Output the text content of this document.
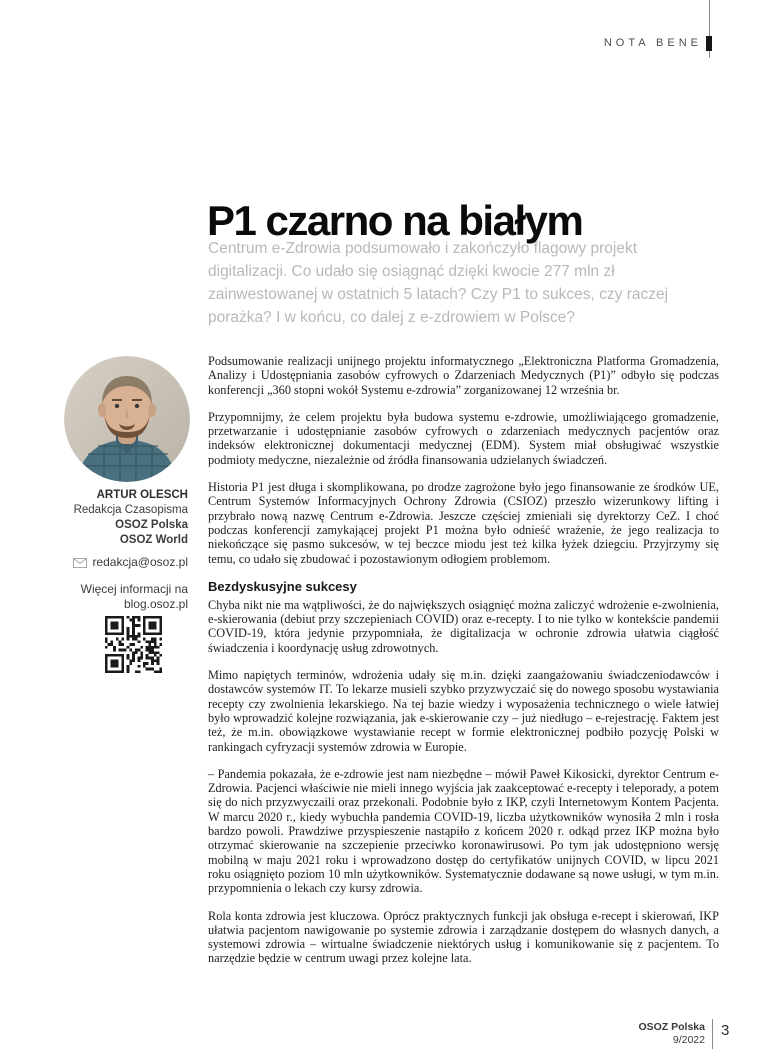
NOTA BENE
P1 czarno na białym
Centrum e-Zdrowia podsumowało i zakończyło flagowy projekt digitalizacji. Co udało się osiągnąć dzięki kwocie 277 mln zł zainwestowanej w ostatnich 5 latach? Czy P1 to sukces, czy raczej porażka? I w końcu, co dalej z e-zdrowiem w Polsce?
ARTUR OLESCH
Redakcja Czasopisma
OSOZ Polska
OSOZ World
redakcja@osoz.pl
Więcej informacji na
blog.osoz.pl

Podsumowanie realizacji unijnego projektu informatycznego „Elektroniczna Platforma Gromadzenia, Analizy i Udostępniania zasobów cyfrowych o Zdarzeniach Medycznych (P1)” odbyło się podczas konferencji „360 stopni wokół Systemu e-zdrowia” zorganizowanej 12 września br.

Przypomnijmy, że celem projektu była budowa systemu e-zdrowie, umożliwiającego gromadzenie, przetwarzanie i udostępnianie zasobów cyfrowych o zdarzeniach medycznych pacjentów oraz indeksów elektronicznej dokumentacji medycznej (EDM). System miał obsługiwać wszystkie podmioty medyczne, niezależnie od źródła finansowania udzielanych świadczeń.

Historia P1 jest długa i skomplikowana, po drodze zagrożone było jego finansowanie ze środków UE, Centrum Systemów Informacyjnych Ochrony Zdrowia (CSIOZ) przeszło wizerunkowy lifting i przybrało nową nazwę Centrum e-Zdrowia. Jeszcze częściej zmieniali się dyrektorzy CeZ. I choć podczas konferencji zamykającej projekt P1 można było odnieść wrażenie, że jego realizacja to niekończące się pasmo sukcesów, w tej beczce miodu jest też kilka łyżek dziegciu. Przyjrzymy się temu, co udało się zbudować i pozostawionym odłogiem problemom.

Bezdyskusyjne sukcesy

Chyba nikt nie ma wątpliwości, że do największych osiągnięć można zaliczyć wdrożenie e-zwolnienia, e-skierowania (debiut przy szczepieniach COVID) oraz e-recepty. I to nie tylko w kontekście pandemii COVID-19, która jedynie przypomniała, że digitalizacja w ochronie zdrowia ułatwia ciągłość świadczenia i koordynację usług zdrowotnych.

Mimo napiętych terminów, wdrożenia udały się m.in. dzięki zaangażowaniu świadczeniodawców i dostawców systemów IT. To lekarze musieli szybko przyzwyczaić się do nowego sposobu wystawiania recepty czy zwolnienia lekarskiego. Na tej bazie wiedzy i wyposażenia technicznego o wiele łatwiej było wprowadzić kolejne rozwiązania, jak e-skierowanie czy – już niedługo – e-rejestrację. Faktem jest też, że m.in. obowiązkowe wystawianie recept w formie elektronicznej podbiło pozycję Polski w rankingach cyfryzacji systemów zdrowia w Europie.

– Pandemia pokazała, że e-zdrowie jest nam niezbędne – mówił Paweł Kikosicki, dyrektor Centrum e-Zdrowia. Pacjenci właściwie nie mieli innego wyjścia jak zaakceptować e-recepty i teleporady, a potem się do nich przyzwyczaili oraz przekonali. Podobnie było z IKP, czyli Internetowym Kontem Pacjenta. W marcu 2020 r., kiedy wybuchła pandemia COVID-19, liczba użytkowników wynosiła 2 mln i rosła bardzo powoli. Prawdziwe przyspieszenie nastąpiło z końcem 2020 r. odkąd przez IKP można było otrzymać skierowanie na szczepienie przeciwko koronawirusowi. Po tym jak udostępniono wersję mobilną w maju 2021 roku i wprowadzono dostęp do certyfikatów unijnych COVID, w lipcu 2021 roku osiągnięto poziom 10 mln użytkowników. Systematycznie dodawane są nowe usługi, w tym m.in. przypomnienia o lekach czy kursy zdrowia.

Rola konta zdrowia jest kluczowa. Oprócz praktycznych funkcji jak obsługa e-recept i skierowań, IKP ułatwia pacjentom nawigowanie po systemie zdrowia i zarządzanie dostępem do własnych danych, a systemowi zdrowia – wirtualne świadczenie niektórych usług i komunikowanie się z pacjentem. To narzędzie będzie w centrum uwagi przez kolejne lata.

OSOZ Polska
9/2022
3
